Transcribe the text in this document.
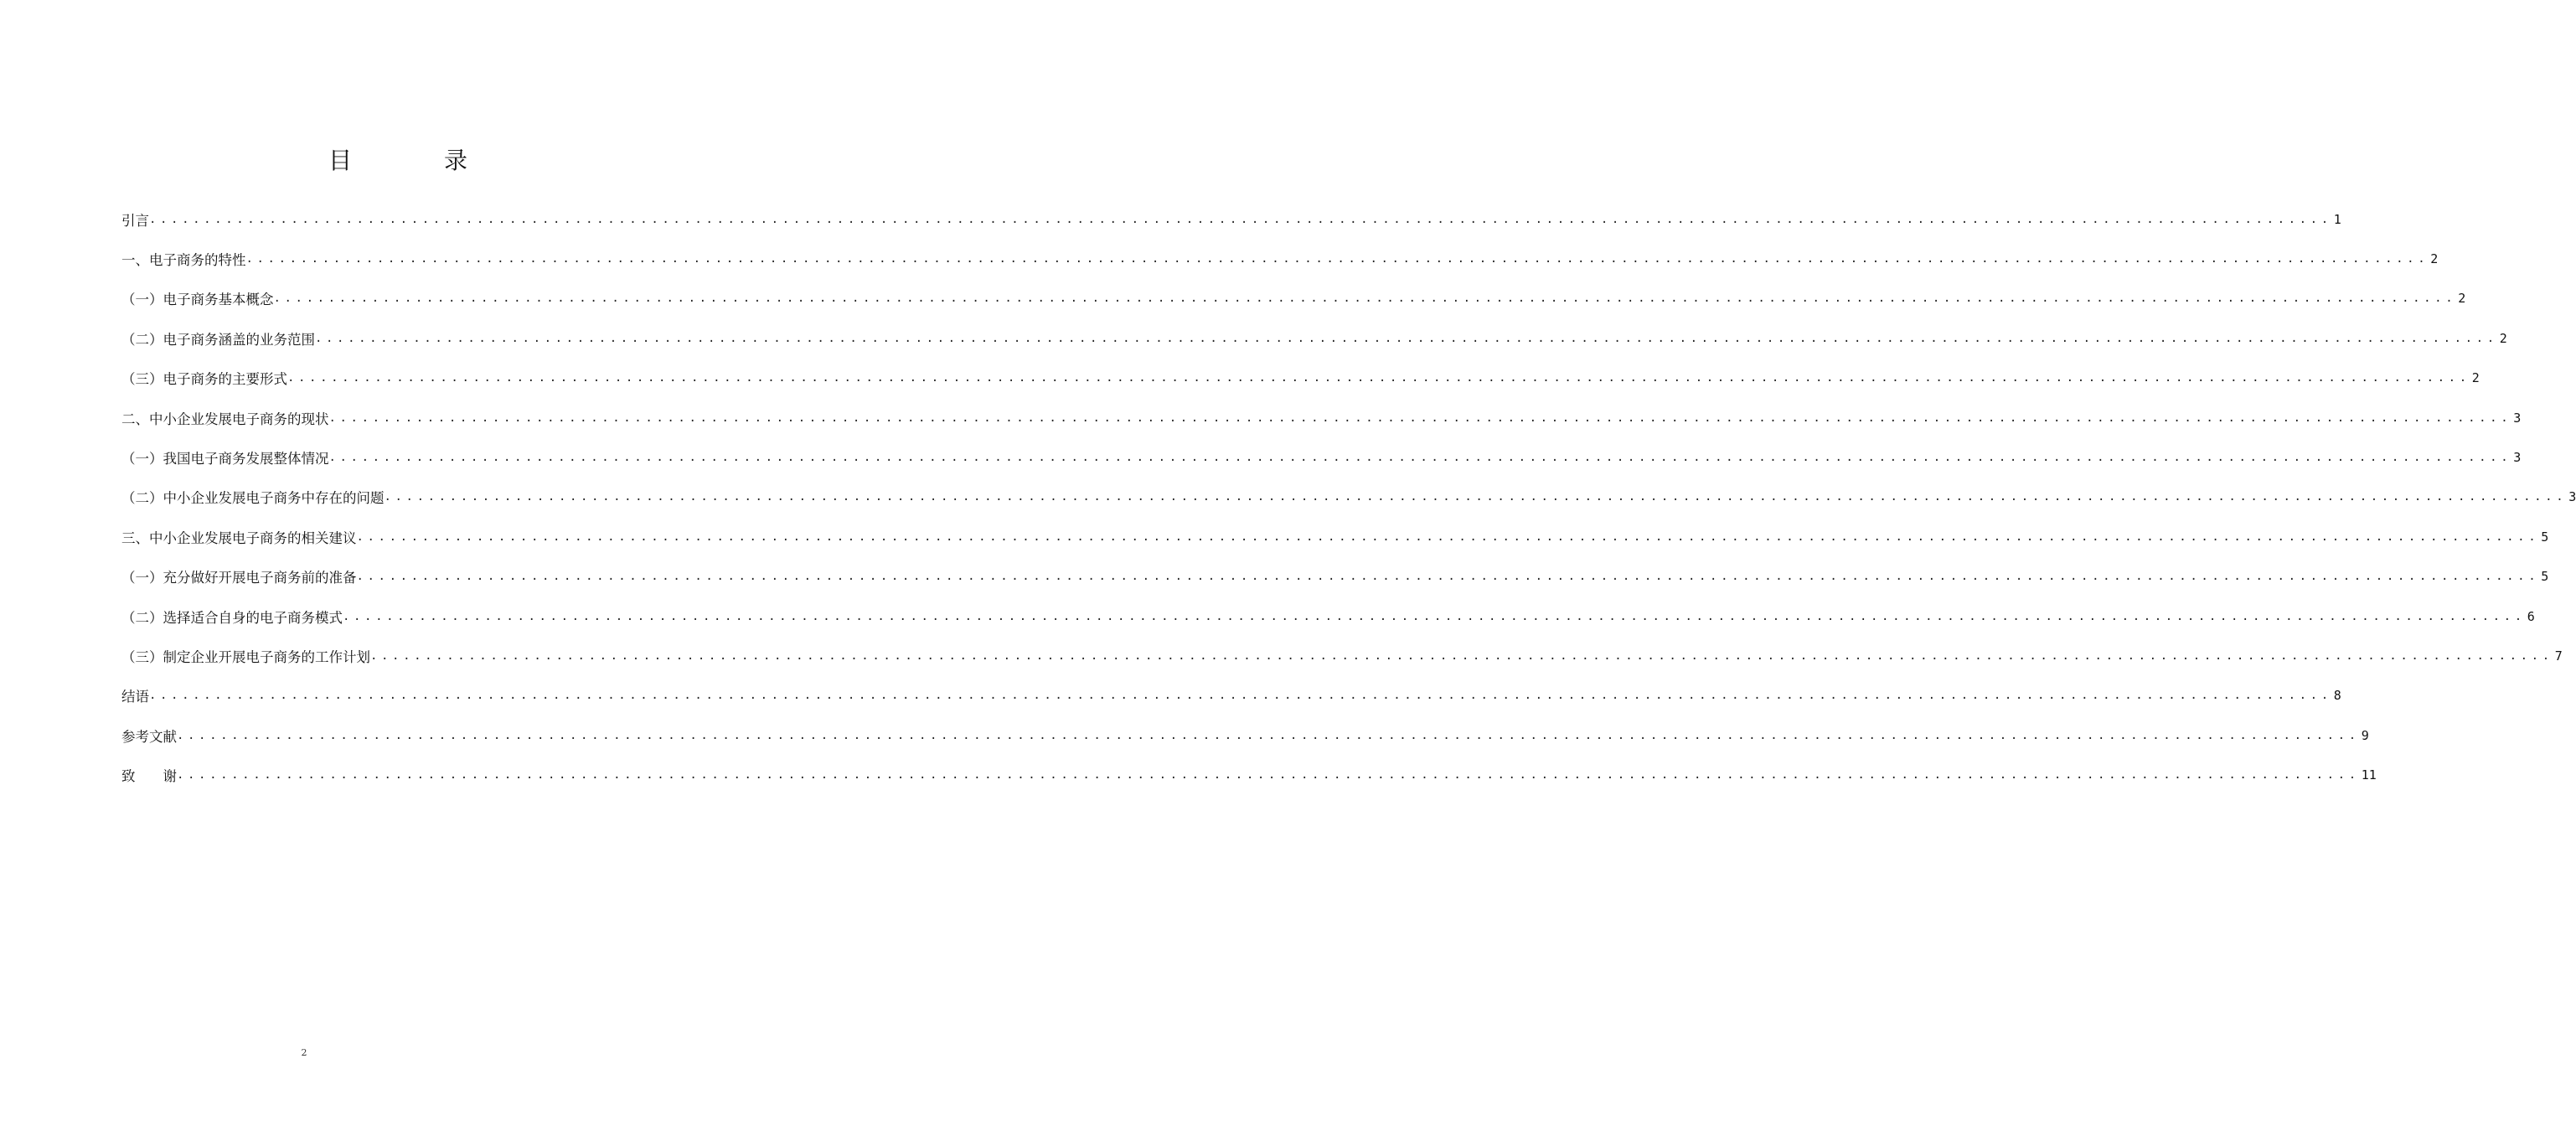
目	录
引言 ........................................................................................................................................................................................................ 1
一、电子商务的特性 ........................................................................................................................................................................................................ 2
（一）电子商务基本概念 ........................................................................................................................................................................................................ 2
（二）电子商务涵盖的业务范围 ........................................................................................................................................................................................................ 2
（三）电子商务的主要形式 ........................................................................................................................................................................................................ 2
二、中小企业发展电子商务的现状 ........................................................................................................................................................................................................ 3
（一）我国电子商务发展整体情况 ........................................................................................................................................................................................................ 3
（二）中小企业发展电子商务中存在的问题 ........................................................................................................................................................................................................ 3
三、中小企业发展电子商务的相关建议 ........................................................................................................................................................................................................ 5
（一）充分做好开展电子商务前的准备 ........................................................................................................................................................................................................ 5
（二）选择适合自身的电子商务模式 ........................................................................................................................................................................................................ 6
（三）制定企业开展电子商务的工作计划 ........................................................................................................................................................................................................ 7
结语 ........................................................................................................................................................................................................ 8
参考文献 ........................................................................................................................................................................................................ 9
致　　谢 ........................................................................................................................................................................................................ 11
2
